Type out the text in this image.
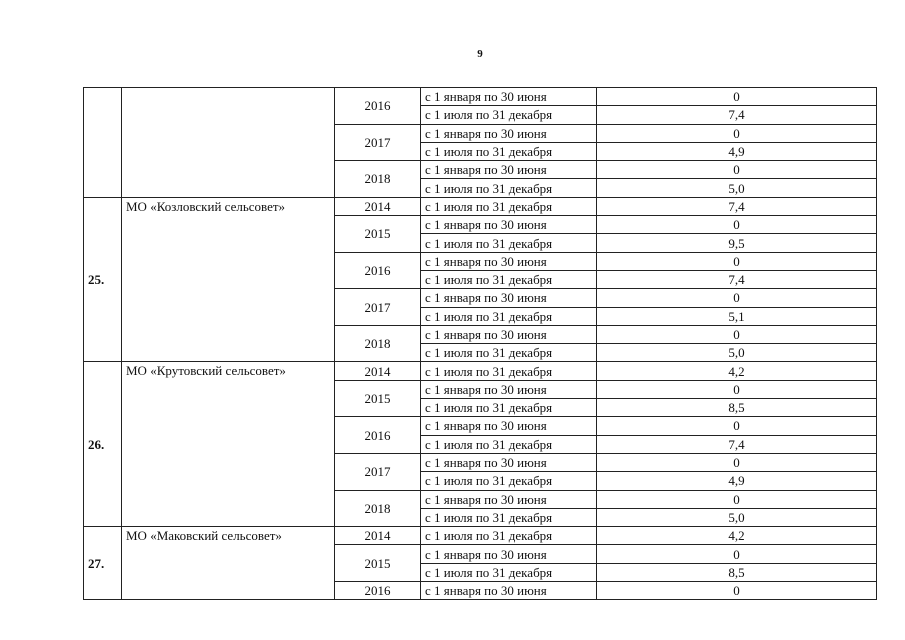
9
		2016	с 1 января по 30 июня	0
			с 1 июля по 31 декабря	7,4
		2017	с 1 января по 30 июня	0
			с 1 июля по 31 декабря	4,9
		2018	с 1 января по 30 июня	0
			с 1 июля по 31 декабря	5,0
25.	МО «Козловский сельсовет»	2014	с 1 июля по 31 декабря	7,4
		2015	с 1 января по 30 июня	0
			с 1 июля по 31 декабря	9,5
		2016	с 1 января по 30 июня	0
			с 1 июля по 31 декабря	7,4
		2017	с 1 января по 30 июня	0
			с 1 июля по 31 декабря	5,1
		2018	с 1 января по 30 июня	0
			с 1 июля по 31 декабря	5,0
26.	МО «Крутовский сельсовет»	2014	с 1 июля по 31 декабря	4,2
		2015	с 1 января по 30 июня	0
			с 1 июля по 31 декабря	8,5
		2016	с 1 января по 30 июня	0
			с 1 июля по 31 декабря	7,4
		2017	с 1 января по 30 июня	0
			с 1 июля по 31 декабря	4,9
		2018	с 1 января по 30 июня	0
			с 1 июля по 31 декабря	5,0
27.	МО «Маковский сельсовет»	2014	с 1 июля по 31 декабря	4,2
		2015	с 1 января по 30 июня	0
			с 1 июля по 31 декабря	8,5
		2016	с 1 января по 30 июня	0
